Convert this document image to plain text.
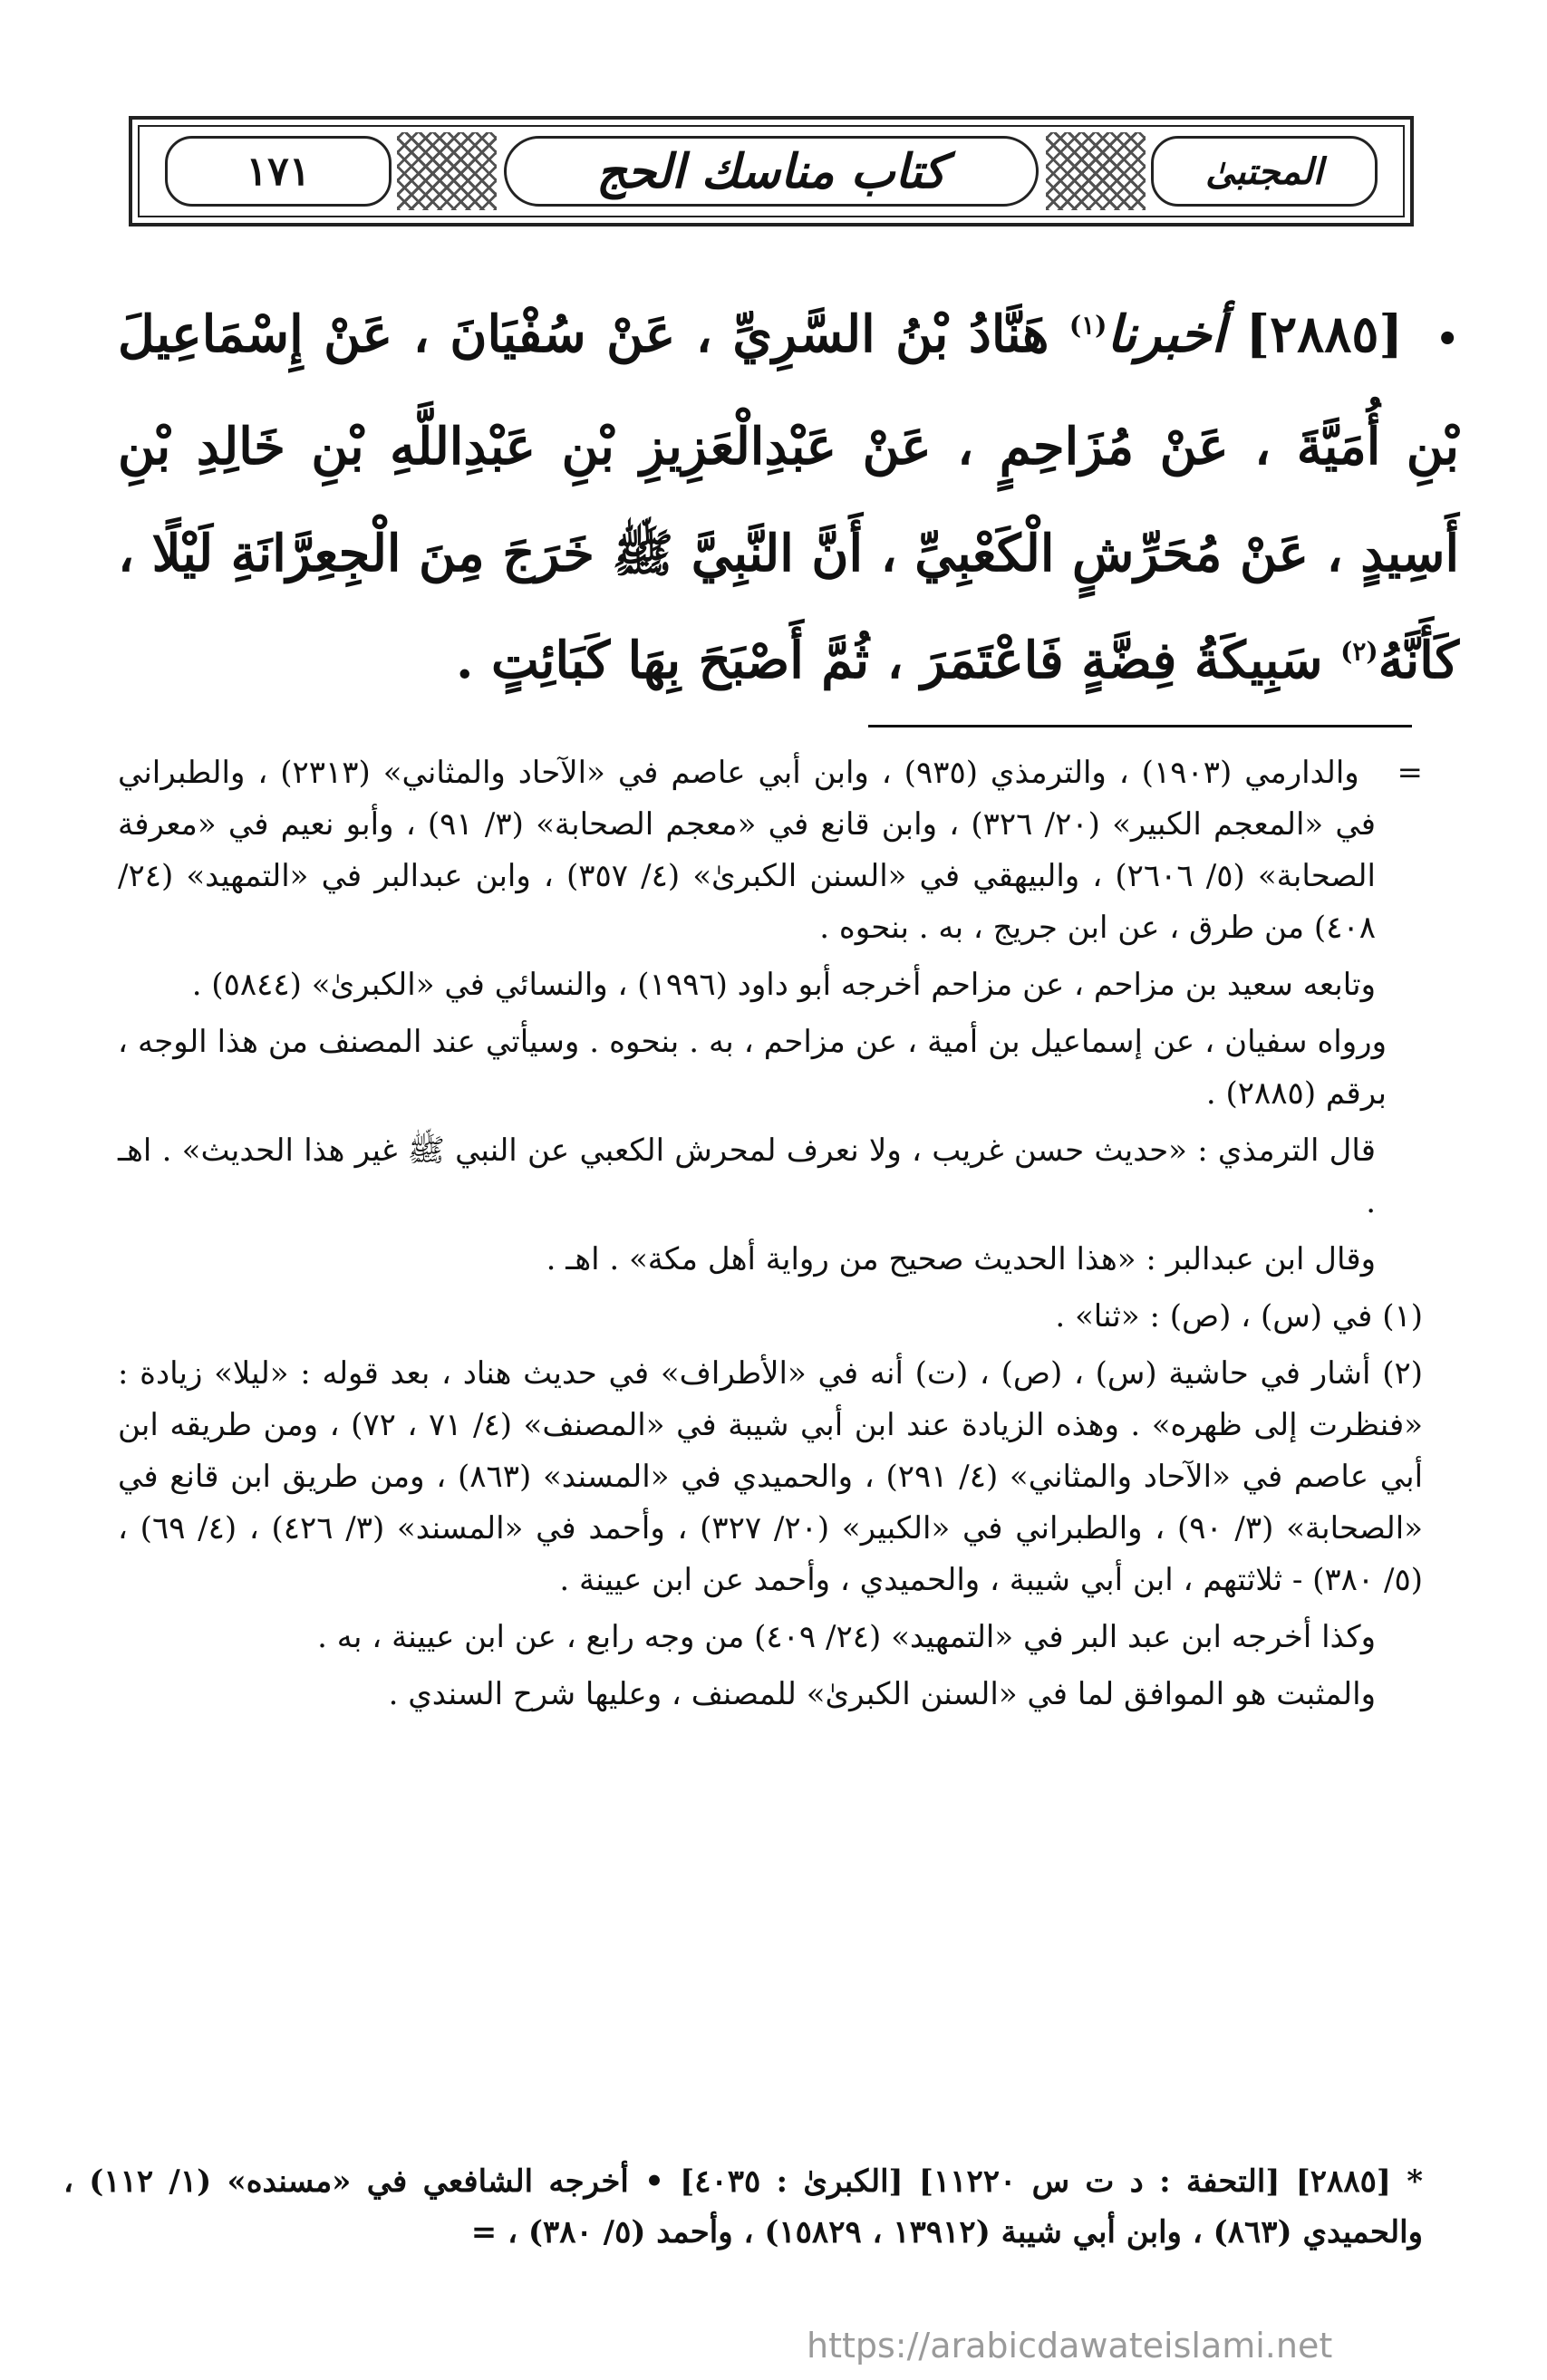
١٧١	كتاب مناسك الحج	المجتبىٰ
• [٢٨٨٥] أخبرنا$^{(١)}$ هَنَّادُ بْنُ السَّرِيِّ ، عَنْ سُفْيَانَ ، عَنْ إِسْمَاعِيلَ بْنِ أُمَيَّةَ ، عَنْ مُزَاحِمٍ ، عَنْ عَبْدِالْعَزِيزِ بْنِ عَبْدِاللَّهِ بْنِ خَالِدِ بْنِ أَسِيدٍ ، عَنْ مُحَرِّشٍ الْكَعْبِيِّ ، أَنَّ النَّبِيَّ ﷺ خَرَجَ مِنَ الْجِعِرَّانَةِ لَيْلًا ، كَأَنَّهُ$^{(٢)}$ سَبِيكَةُ فِضَّةٍ فَاعْتَمَرَ ، ثُمَّ أَصْبَحَ بِهَا كَبَائِتٍ .

=   والدارمي (١٩٠٣) ، والترمذي (٩٣٥) ، وابن أبي عاصم في «الآحاد والمثاني» (٢٣١٣) ، والطبراني في «المعجم الكبير» (٢٠/ ٣٢٦) ، وابن قانع في «معجم الصحابة» (٣/ ٩١) ، وأبو نعيم في «معرفة الصحابة» (٥/ ٢٦٠٦) ، والبيهقي في «السنن الكبرىٰ» (٤/ ٣٥٧) ، وابن عبدالبر في «التمهيد» (٢٤/ ٤٠٨) من طرق ، عن ابن جريج ، به . بنحوه .

وتابعه سعيد بن مزاحم ، عن مزاحم أخرجه أبو داود (١٩٩٦) ، والنسائي في «الكبرىٰ» (٥٨٤٤) .

ورواه سفيان ، عن إسماعيل بن أمية ، عن مزاحم ، به . بنحوه . وسيأتي عند المصنف من هذا الوجه ، برقم (٢٨٨٥) .

قال الترمذي : «حديث حسن غريب ، ولا نعرف لمحرش الكعبي عن النبي ﷺ غير هذا الحديث» . اهـ .

وقال ابن عبدالبر : «هذا الحديث صحيح من رواية أهل مكة» . اهـ .

(١) في (س) ، (ص) : «ثنا» .

(٢) أشار في حاشية (س) ، (ص) ، (ت) أنه في «الأطراف» في حديث هناد ، بعد قوله : «ليلا» زيادة : «فنظرت إلى ظهره» . وهذه الزيادة عند ابن أبي شيبة في «المصنف» (٤/ ٧١ ، ٧٢) ، ومن طريقه ابن أبي عاصم في «الآحاد والمثاني» (٤/ ٢٩١) ، والحميدي في «المسند» (٨٦٣) ، ومن طريق ابن قانع في «الصحابة» (٣/ ٩٠) ، والطبراني في «الكبير» (٢٠/ ٣٢٧) ، وأحمد في «المسند» (٣/ ٤٢٦) ، (٤/ ٦٩) ، (٥/ ٣٨٠) - ثلاثتهم ، ابن أبي شيبة ، والحميدي ، وأحمد عن ابن عيينة .

وكذا أخرجه ابن عبد البر في «التمهيد» (٢٤/ ٤٠٩) من وجه رابع ، عن ابن عيينة ، به .

والمثبت هو الموافق لما في «السنن الكبرىٰ» للمصنف ، وعليها شرح السندي .

* [٢٨٨٥] [التحفة : د ت س ١١٢٢٠] [الكبرىٰ : ٤٠٣٥] • أخرجه الشافعي في «مسنده» (١/ ١١٢) ، والحميدي (٨٦٣) ، وابن أبي شيبة (١٣٩١٢ ، ١٥٨٢٩) ، وأحمد (٥/ ٣٨٠) ، =
https://arabicdawateislami.net
